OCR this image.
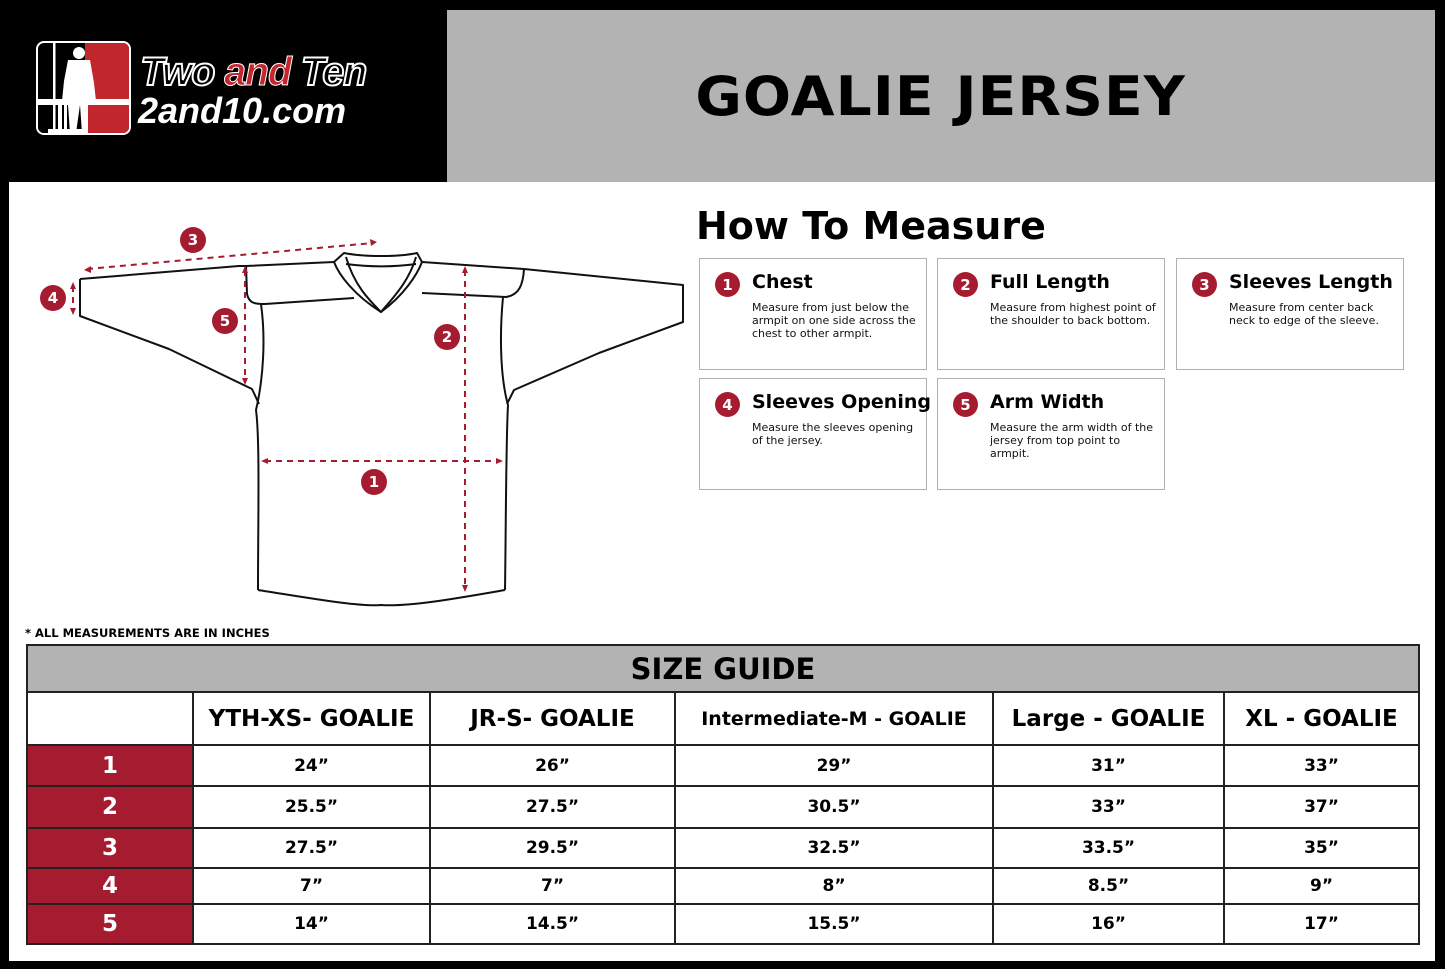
Two and Ten
2and10.com	GOALIE JERSEY
3
4
5
2
1
How To Measure
1	Chest
Measure from just below the armpit on one side across the chest to other armpit.
2	Full Length
Measure from highest point of the shoulder to back bottom.
3	Sleeves Length
Measure from center back neck to edge of the sleeve.
4	Sleeves Opening
Measure the sleeves opening of the jersey.
5	Arm Width
Measure the arm width of the jersey from top point to armpit.
* ALL MEASUREMENTS ARE IN INCHES
SIZE GUIDE					
	YTH-XS- GOALIE	JR-S- GOALIE	Intermediate-M - GOALIE	Large - GOALIE	XL - GOALIE
1	24”	26”	29”	31”	33”
2	25.5”	27.5”	30.5”	33”	37”
3	27.5”	29.5”	32.5”	33.5”	35”
4	7”	7”	8”	8.5”	9”
5	14”	14.5”	15.5”	16”	17”
